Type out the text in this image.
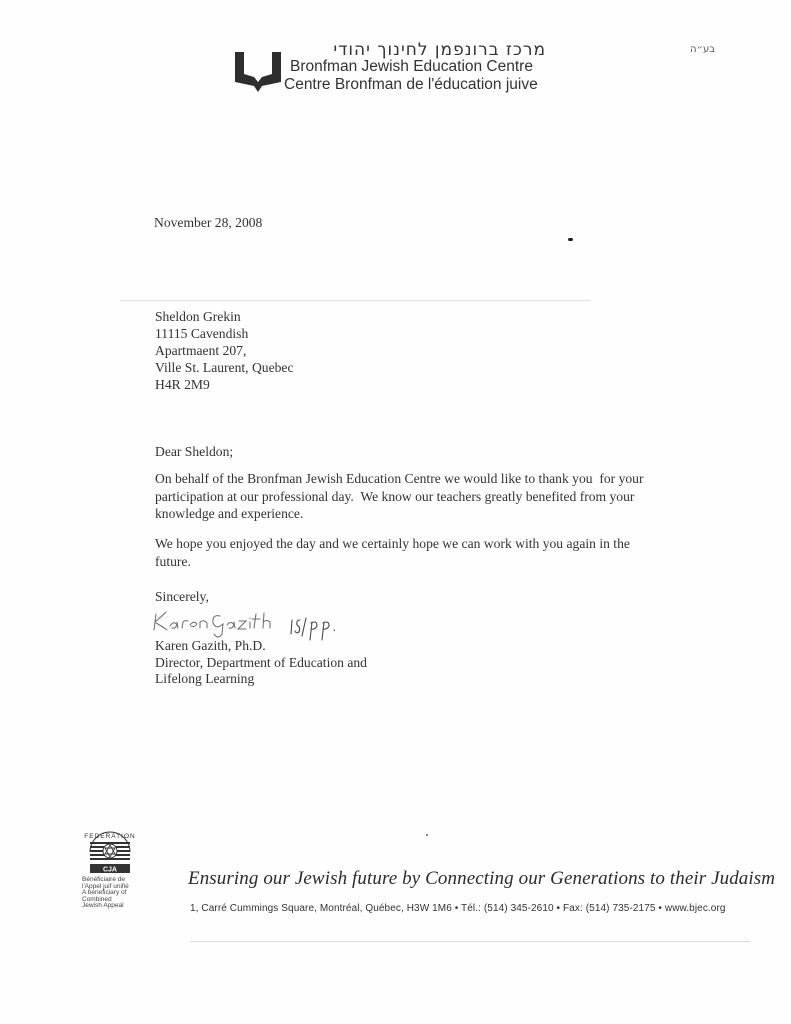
מרכז ברונפמן לחינוך יהודי
Bronfman Jewish Education Centre
Centre Bronfman de l'éducation juive
בע״ה
November 28, 2008
Sheldon Grekin
11115 Cavendish
Apartmaent 207,
Ville St. Laurent, Quebec
H4R 2M9
Dear Sheldon;
On behalf of the Bronfman Jewish Education Centre we would like to thank you  for your
participation at our professional day.  We know our teachers greatly benefited from your
knowledge and experience.
We hope you enjoyed the day and we certainly hope we can work with you again in the
future.
Sincerely,
Karen Gazith, Ph.D.
Director, Department of Education and
Lifelong Learning
FEDERATION
CJA
Bénéficiaire de
l'Appel juif unifié
A beneficiary of
Combined
Jewish Appeal
Ensuring our Jewish future by Connecting our Generations to their Judaism
1, Carré Cummings Square, Montréal, Québec, H3W 1M6 • Tél.: (514) 345-2610 • Fax: (514) 735-2175 • www.bjec.org
